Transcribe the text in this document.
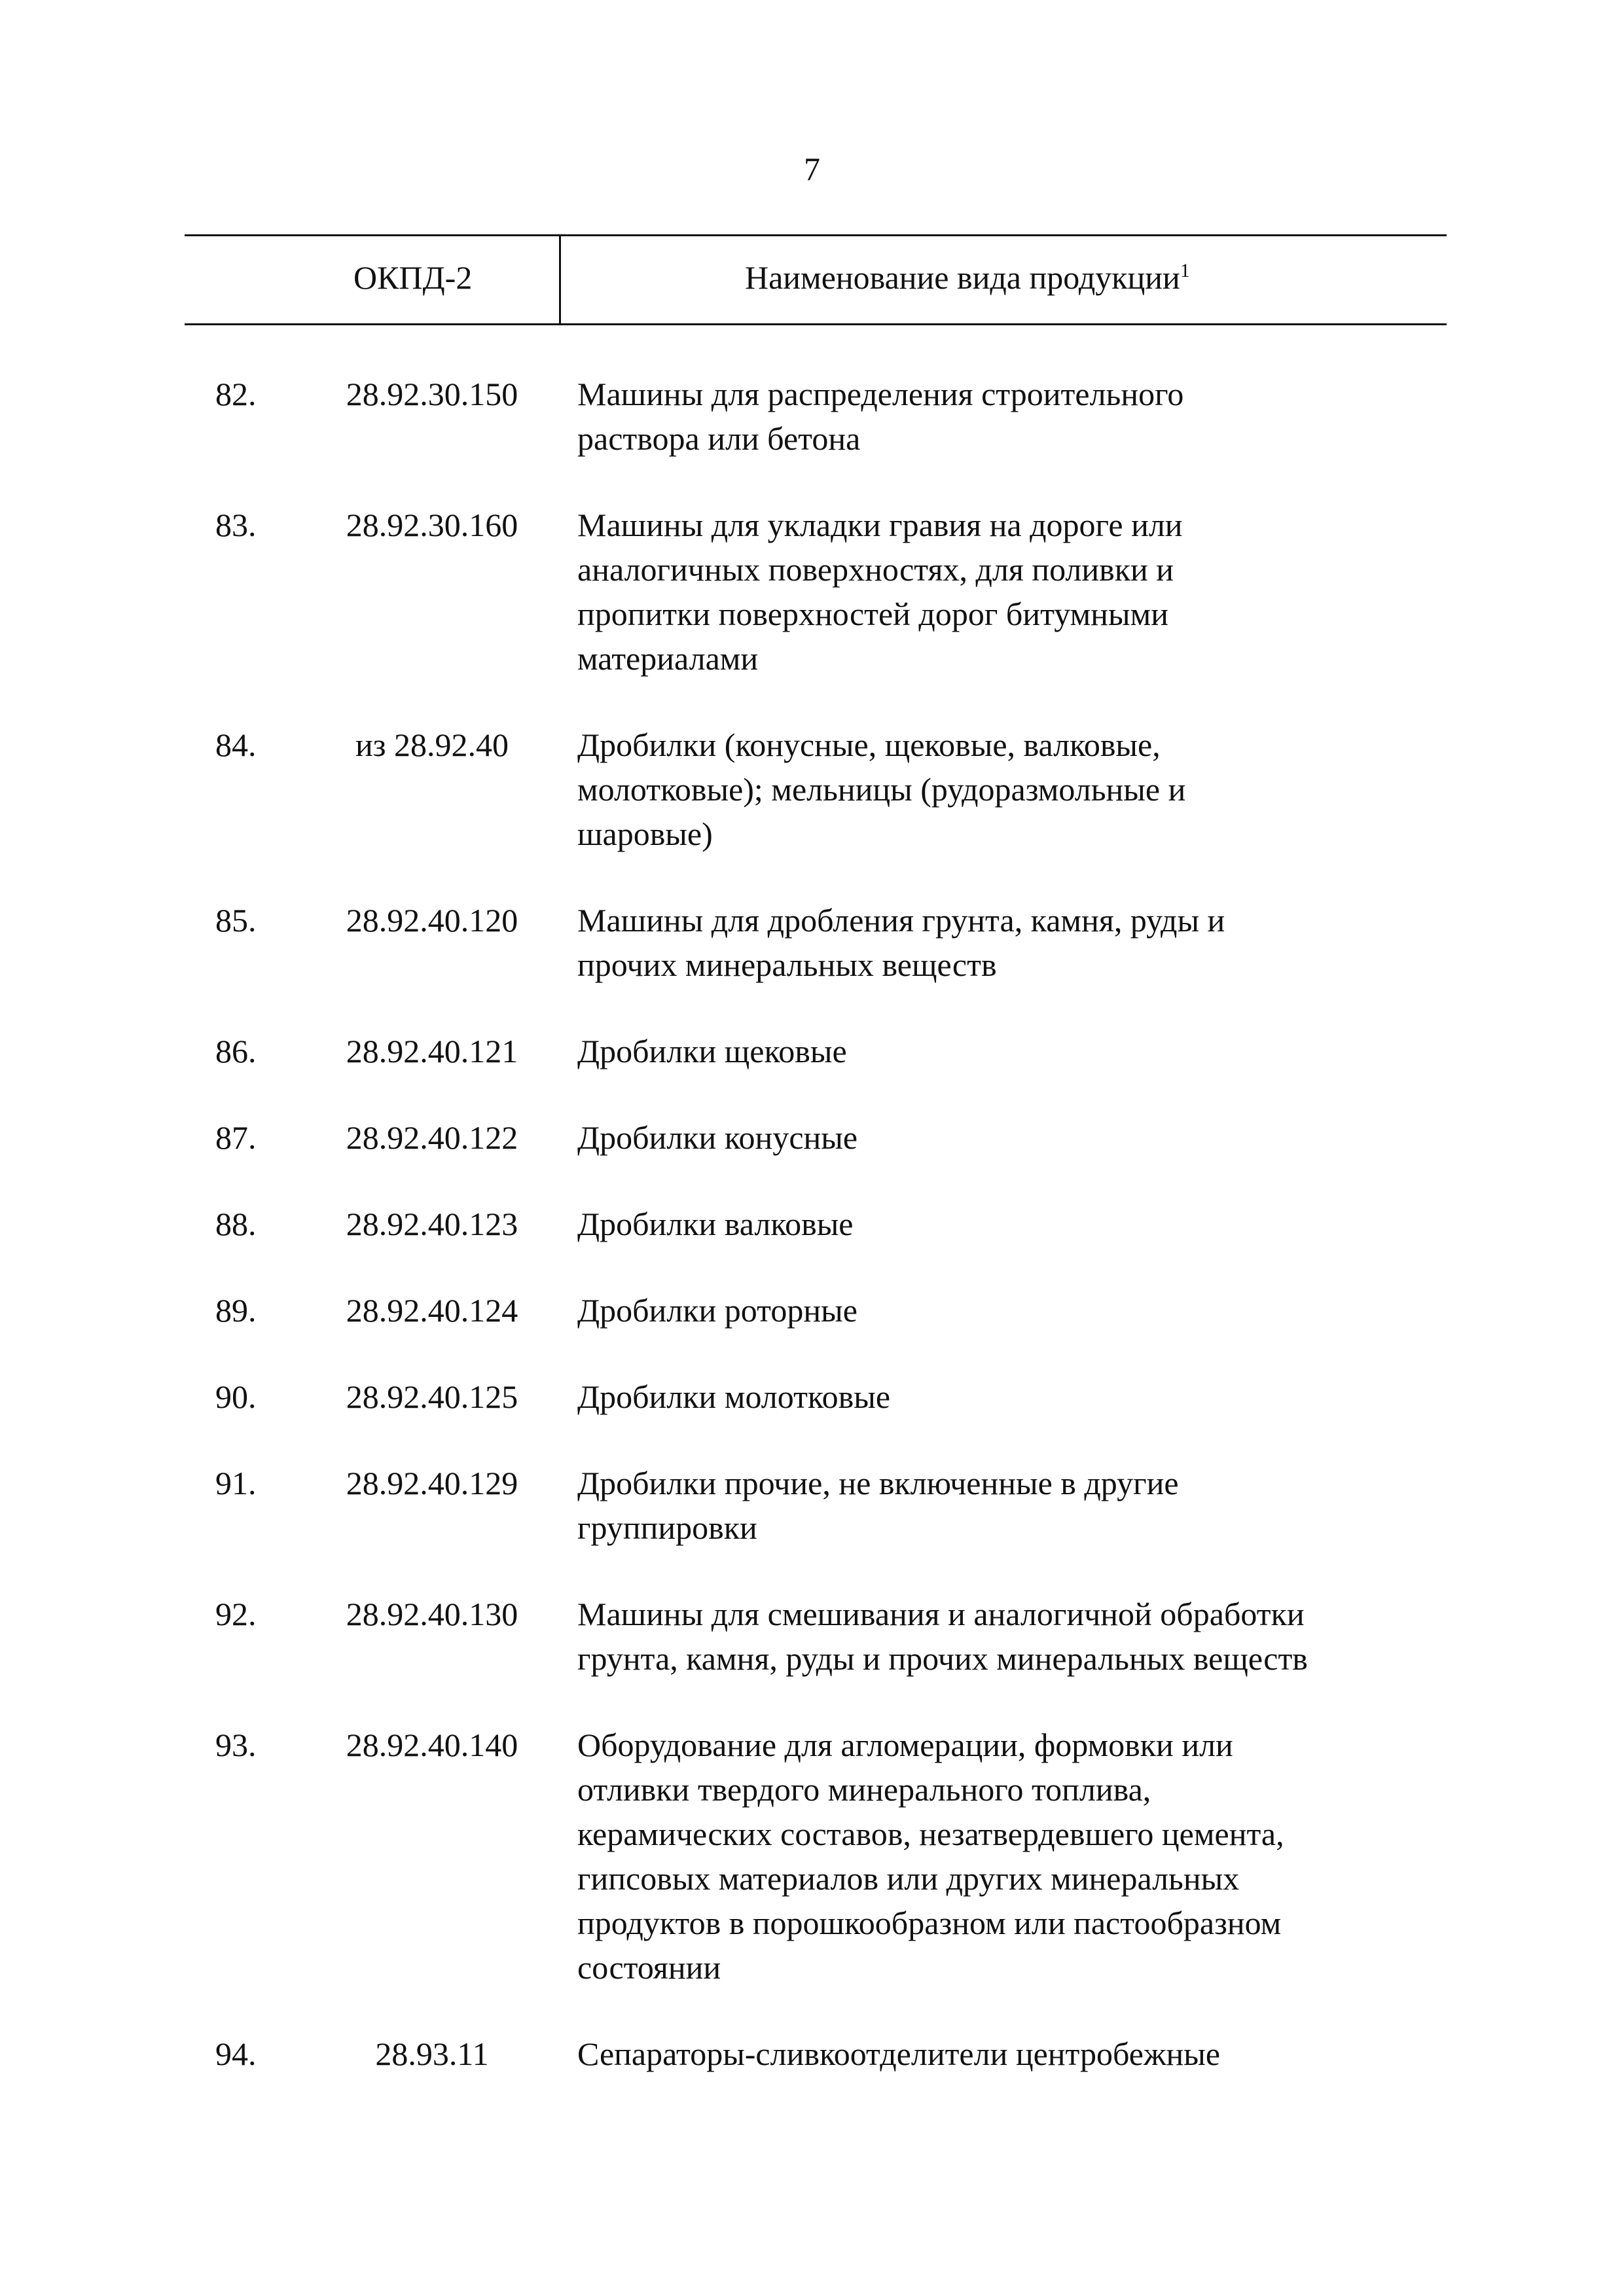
7
ОКПД-2	Наименование вида продукции$^1$
82.	28.92.30.150	Машины для распределения строительного
раствора или бетона
83.	28.92.30.160	Машины для укладки гравия на дороге или
аналогичных поверхностях, для поливки и
пропитки поверхностей дорог битумными
материалами
84.	из 28.92.40	Дробилки (конусные, щековые, валковые,
молотковые); мельницы (рудоразмольные и
шаровые)
85.	28.92.40.120	Машины для дробления грунта, камня, руды и
прочих минеральных веществ
86.	28.92.40.121	Дробилки щековые
87.	28.92.40.122	Дробилки конусные
88.	28.92.40.123	Дробилки валковые
89.	28.92.40.124	Дробилки роторные
90.	28.92.40.125	Дробилки молотковые
91.	28.92.40.129	Дробилки прочие, не включенные в другие
группировки
92.	28.92.40.130	Машины для смешивания и аналогичной обработки
грунта, камня, руды и прочих минеральных веществ
93.	28.92.40.140	Оборудование для агломерации, формовки или
отливки твердого минерального топлива,
керамических составов, незатвердевшего цемента,
гипсовых материалов или других минеральных
продуктов в порошкообразном или пастообразном
состоянии
94.	28.93.11	Сепараторы-сливкоотделители центробежные
